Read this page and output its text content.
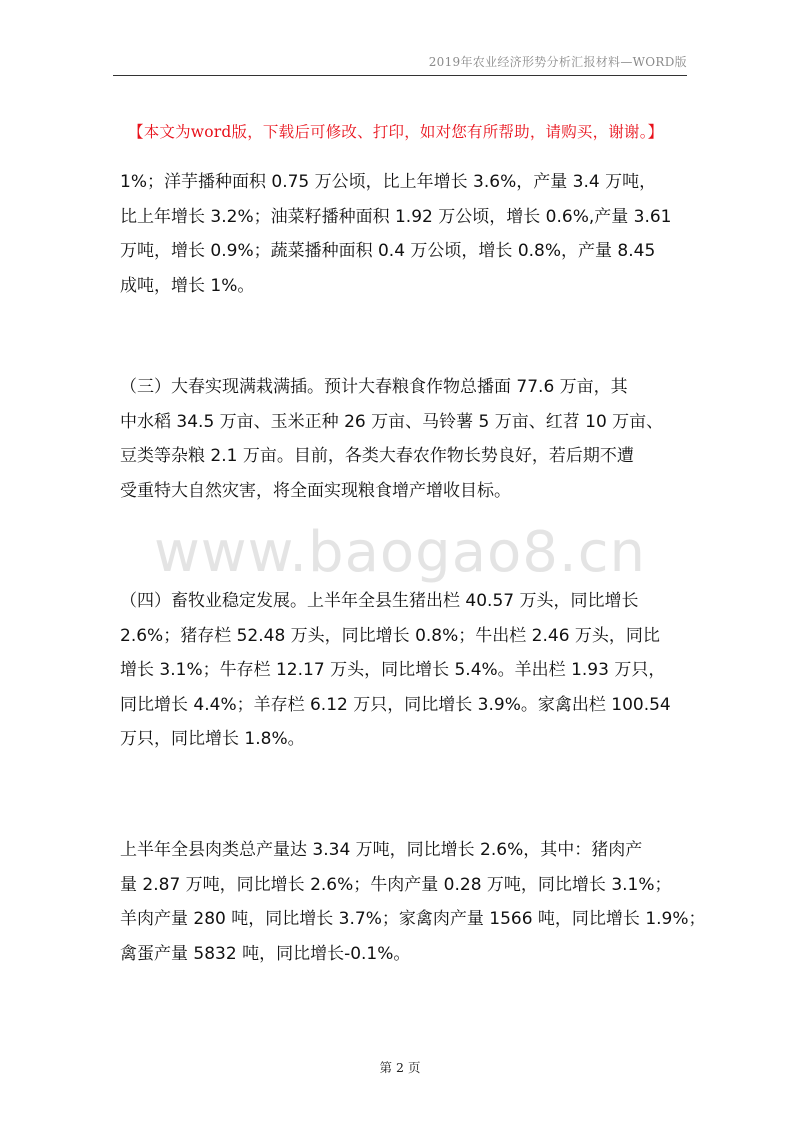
2019年农业经济形势分析汇报材料—WORD版
【本文为word版，下载后可修改、打印，如对您有所帮助，请购买，谢谢。】
1%；洋芋播种面积 0.75 万公顷，比上年增长 3.6%，产量 3.4 万吨，
比上年增长 3.2%；油菜籽播种面积 1.92 万公顷，增长 0.6%,产量 3.61
万吨，增长 0.9%；蔬菜播种面积 0.4 万公顷，增长 0.8%，产量 8.45
成吨，增长 1%。
（三）大春实现满栽满插。预计大春粮食作物总播面 77.6 万亩，其
中水稻 34.5 万亩、玉米正种 26 万亩、马铃薯 5 万亩、红苕 10 万亩、
豆类等杂粮 2.1 万亩。目前，各类大春农作物长势良好，若后期不遭
受重特大自然灾害，将全面实现粮食增产增收目标。
www.baogao8.cn
（四）畜牧业稳定发展。上半年全县生猪出栏 40.57 万头，同比增长
2.6%；猪存栏 52.48 万头，同比增长 0.8%；牛出栏 2.46 万头，同比
增长 3.1%；牛存栏 12.17 万头，同比增长 5.4%。羊出栏 1.93 万只，
同比增长 4.4%；羊存栏 6.12 万只，同比增长 3.9%。家禽出栏 100.54
万只，同比增长 1.8%。
上半年全县肉类总产量达 3.34 万吨，同比增长 2.6%，其中：猪肉产
量 2.87 万吨，同比增长 2.6%；牛肉产量 0.28 万吨，同比增长 3.1%；
羊肉产量 280 吨，同比增长 3.7%；家禽肉产量 1566 吨，同比增长 1.9%；
禽蛋产量 5832 吨，同比增长-0.1%。
第 2 页
